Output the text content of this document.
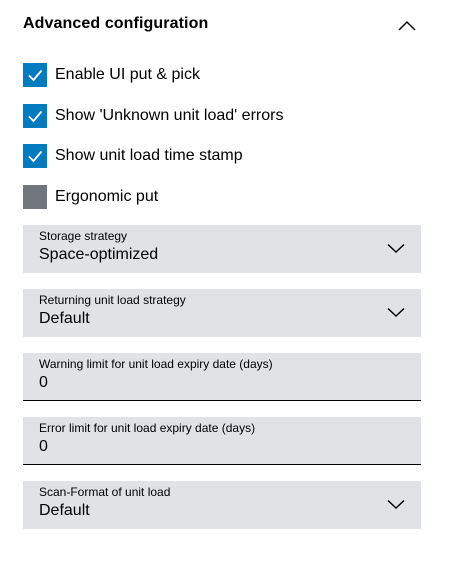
Advanced configuration
Enable UI put & pick
Show 'Unknown unit load' errors
Show unit load time stamp
Ergonomic put
Storage strategy
Space-optimized
Returning unit load strategy
Default
Warning limit for unit load expiry date (days)
0
Error limit for unit load expiry date (days)
0
Scan-Format of unit load
Default
